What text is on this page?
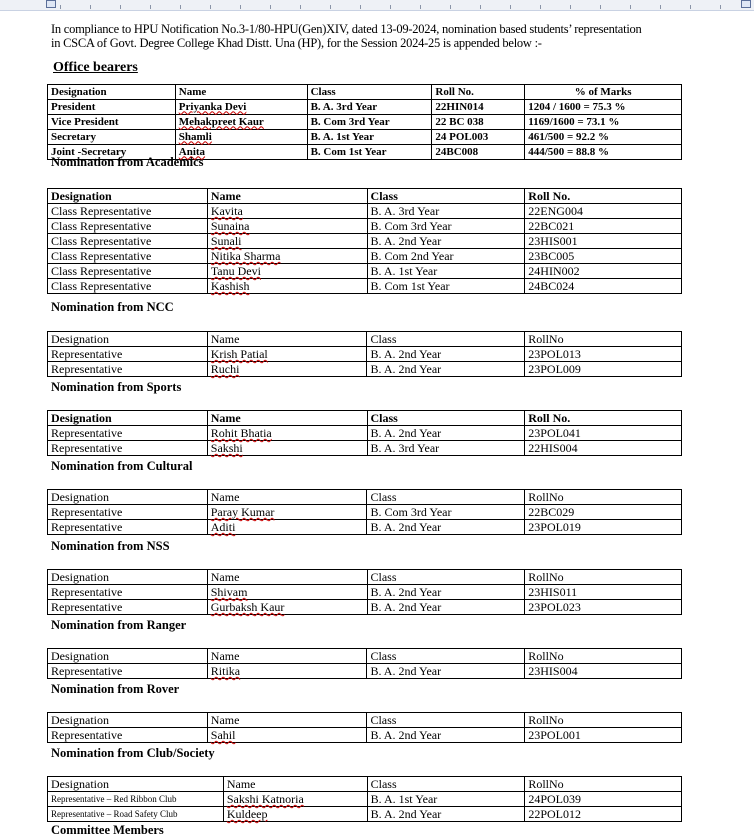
In compliance to HPU Notification No.3-1/80-HPU(Gen)XIV, dated 13-09-2024, nomination based students’ representation
in CSCA of Govt. Degree College Khad Distt. Una (HP), for the Session 2024-25 is appended below :-
Office bearers
Designation	Name	Class	Roll No.	% of Marks
President	Priyanka Devi	B. A. 3rd Year	22HIN014	1204 / 1600 = 75.3 %
Vice President	Mehakpreet Kaur	B. Com 3rd Year	22 BC 038	1169/1600 = 73.1 %
Secretary	Shamli	B. A. 1st Year	24 POL003	461/500 = 92.2 %
Joint -Secretary	Anita	B. Com 1st Year	24BC008	444/500 = 88.8 %
Nomination from Academics
Designation	Name	Class	Roll No.
Class Representative	Kavita	B. A. 3rd Year	22ENG004
Class Representative	Sunaina	B. Com 3rd Year	22BC021
Class Representative	Sunali	B. A. 2nd Year	23HIS001
Class Representative	Nitika Sharma	B. Com 2nd Year	23BC005
Class Representative	Tanu Devi	B. A. 1st Year	24HIN002
Class Representative	Kashish	B. Com 1st Year	24BC024
Nomination from NCC
Designation	Name	Class	RollNo
Representative	Krish Patial	B. A. 2nd Year	23POL013
Representative	Ruchi	B. A. 2nd Year	23POL009
Nomination from Sports
Designation	Name	Class	Roll No.
Representative	Rohit Bhatia	B. A. 2nd Year	23POL041
Representative	Sakshi	B. A. 3rd Year	22HIS004
Nomination from Cultural
Designation	Name	Class	RollNo
Representative	Paray Kumar	B. Com 3rd Year	22BC029
Representative	Aditi	B. A. 2nd Year	23POL019
Nomination from NSS
Designation	Name	Class	RollNo
Representative	Shivam	B. A. 2nd Year	23HIS011
Representative	Gurbaksh Kaur	B. A. 2nd Year	23POL023
Nomination from Ranger
Designation	Name	Class	RollNo
Representative	Ritika	B. A. 2nd Year	23HIS004
Nomination from Rover
Designation	Name	Class	RollNo
Representative	Sahil	B. A. 2nd Year	23POL001
Nomination from Club/Society
Designation	Name	Class	RollNo
Representative – Red Ribbon Club	Sakshi Katnoria	B. A. 1st Year	24POL039
Representative – Road Safety Club	Kuldeep	B. A. 2nd Year	22POL012
Committee Members
